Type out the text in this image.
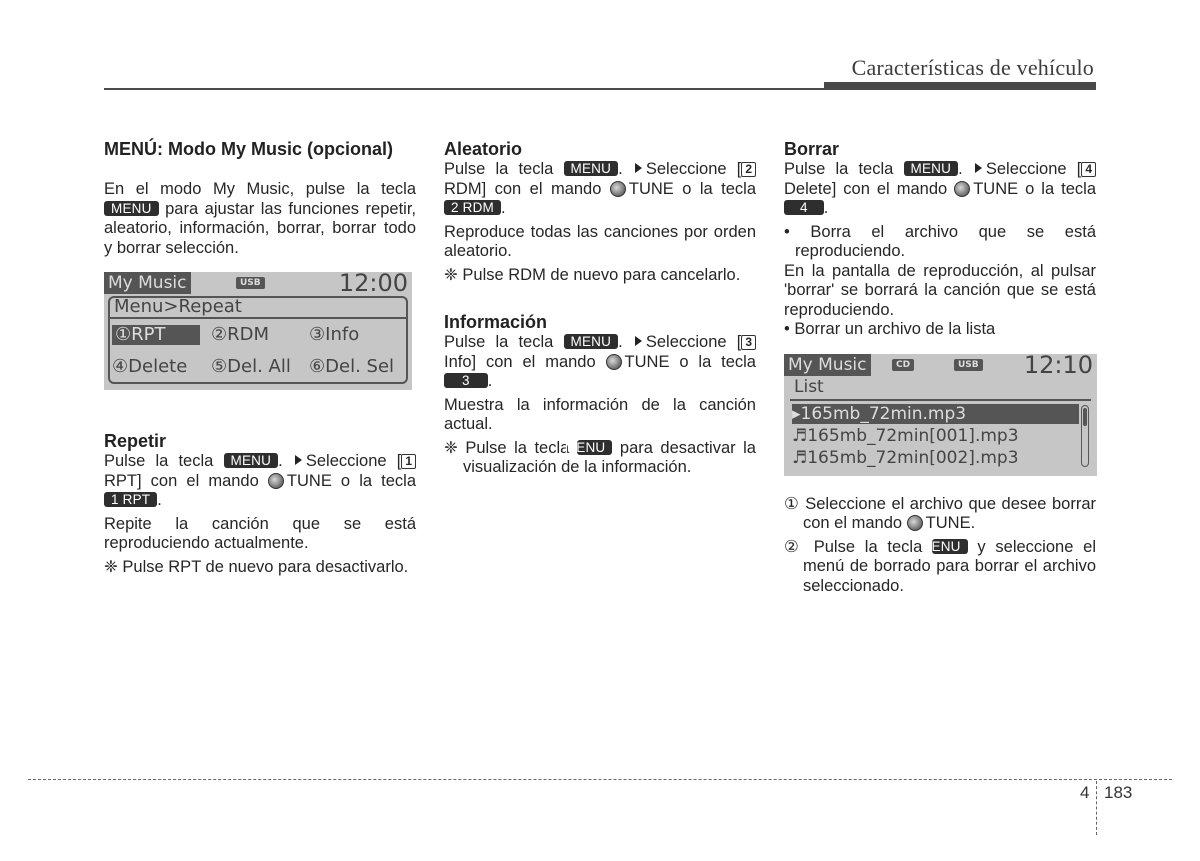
Características de vehículo
MENÚ: Modo My Music (opcional)

En el modo My Music, pulse la tecla MENU para ajustar las funciones repetir, aleatorio, información, borrar, borrar todo y borrar selección.

My Music	USB	12:00
Menu>Repeat
①RPT	②RDM ③Info
④Delete ⑤Del. All ⑥Del. Sel
Repetir

Pulse la tecla MENU . Seleccione [ 1 RPT] con el mando TUNE o la tecla 1 RPT .

Repite la canción que se está reproduciendo actualmente.

❈ Pulse RPT de nuevo para desactivarlo.

Aleatorio

Pulse la tecla MENU . Seleccione [ 2 RDM] con el mando TUNE o la tecla 2 RDM .

Reproduce todas las canciones por orden aleatorio.

❈ Pulse RDM de nuevo para cancelarlo.

Información

Pulse la tecla MENU . Seleccione [ 3 Info] con el mando TUNE o la tecla 3 .

Muestra la información de la canción actual.

❈ Pulse la tecla MENU para desactivar la visualización de la información.

Borrar

Pulse la tecla MENU . Seleccione [ 4 Delete] con el mando TUNE o la tecla 4 .

• Borra el archivo que se está reproduciendo.

En la pantalla de reproducción, al pulsar 'borrar' se borrará la canción que se está reproduciendo.

• Borrar un archivo de la lista

My Music	CD	USB 12:10
List
▸165mb_72min.mp3
♬165mb_72min[001].mp3
♬165mb_72min[002].mp3

① Seleccione el archivo que desee borrar con el mando TUNE.

② Pulse la tecla MENU y seleccione el menú de borrado para borrar el archivo seleccionado.

4 183
